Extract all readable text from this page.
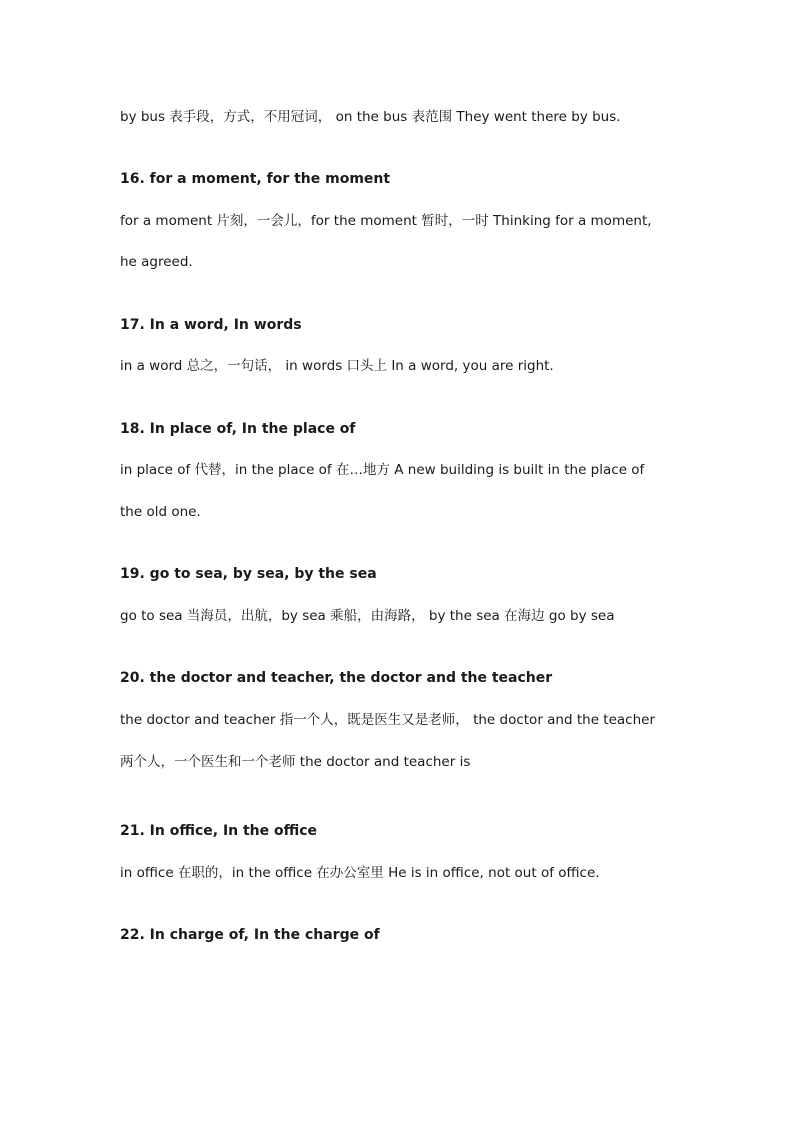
by bus 表手段，方式，不用冠词， on the bus 表范围 They went there by bus.
16. for a moment, for the moment
for a moment 片刻，一会儿，for the moment 暂时，一时 Thinking for a moment,
he agreed.
17. In a word, In words
in a word 总之，一句话， in words 口头上 In a word, you are right.
18. In place of, In the place of
in place of 代替，in the place of 在…地方 A new building is built in the place of
the old one.
19. go to sea, by sea, by the sea
go to sea 当海员，出航，by sea 乘船，由海路， by the sea 在海边 go by sea
20. the doctor and teacher, the doctor and the teacher
the doctor and teacher 指一个人，既是医生又是老师， the doctor and the teacher
两个人，一个医生和一个老师 the doctor and teacher is
21. In office, In the office
in office 在职的，in the office 在办公室里 He is in office, not out of office.
22. In charge of, In the charge of
